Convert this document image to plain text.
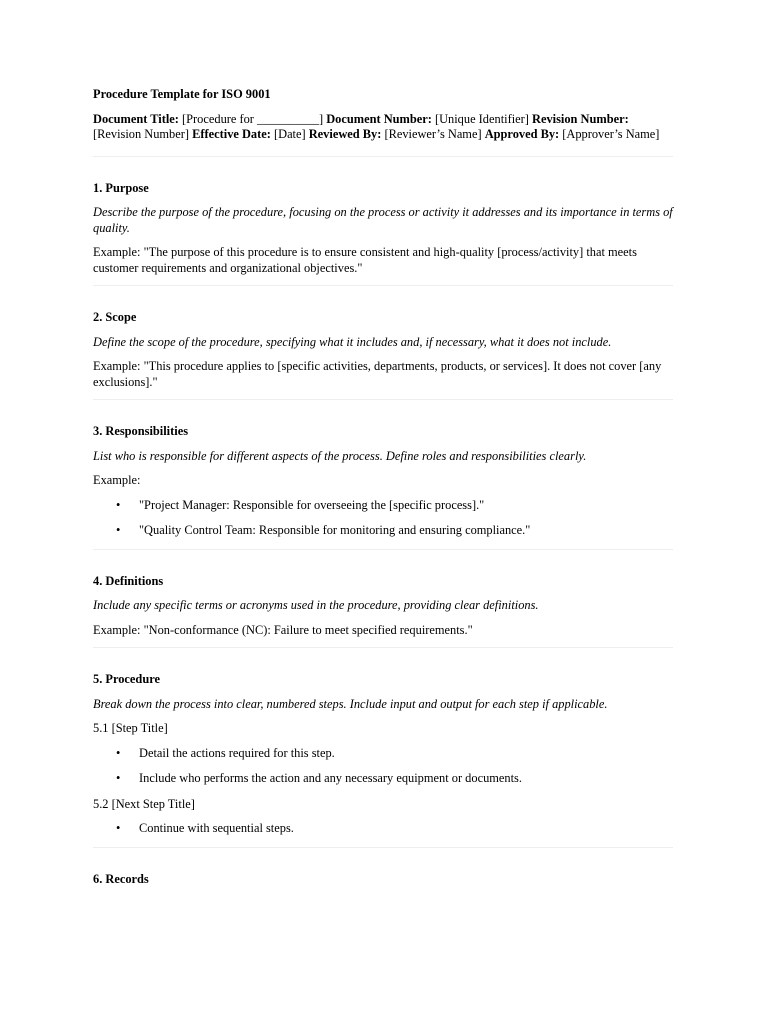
Procedure Template for ISO 9001

Document Title: [Procedure for __________] Document Number: [Unique Identifier] Revision Number: [Revision Number] Effective Date: [Date] Reviewed By: [Reviewer’s Name] Approved By: [Approver’s Name]

1. Purpose

Describe the purpose of the procedure, focusing on the process or activity it addresses and its importance in terms of quality.

Example: "The purpose of this procedure is to ensure consistent and high-quality [process/activity] that meets customer requirements and organizational objectives."

2. Scope

Define the scope of the procedure, specifying what it includes and, if necessary, what it does not include.

Example: "This procedure applies to [specific activities, departments, products, or services]. It does not cover [any exclusions]."

3. Responsibilities

List who is responsible for different aspects of the process. Define roles and responsibilities clearly.

Example:

• "Project Manager: Responsible for overseeing the [specific process]."
• "Quality Control Team: Responsible for monitoring and ensuring compliance."
4. Definitions

Include any specific terms or acronyms used in the procedure, providing clear definitions.

Example: "Non-conformance (NC): Failure to meet specified requirements."

5. Procedure

Break down the process into clear, numbered steps. Include input and output for each step if applicable.

5.1 [Step Title]

• Detail the actions required for this step.
• Include who performs the action and any necessary equipment or documents.

5.2 [Next Step Title]

• Continue with sequential steps.
6. Records
